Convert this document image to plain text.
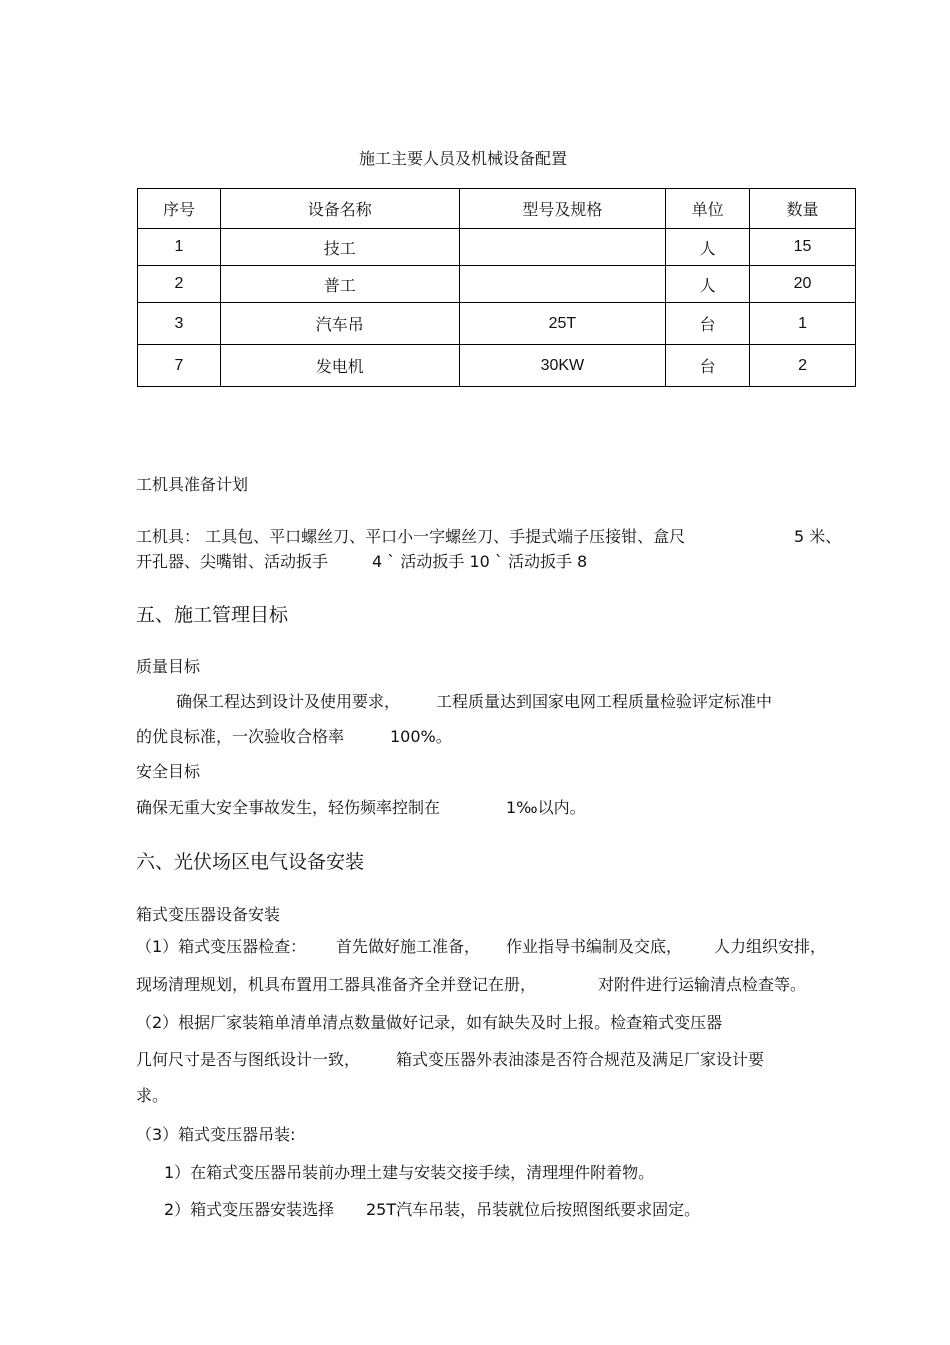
施工主要人员及机械设备配置
序号	设备名称	型号及规格	单位	数量
1	技工		人	15
2	普工		人	20
3	汽车吊	25T	台	1
7	发电机	30KW	台	2
工机具准备计划
工机具： 工具包、平口螺丝刀、平口小一字螺丝刀、手提式端子压接钳、盒尺	5 米、
开孔器、尖嘴钳、活动扳手	4 ` 活动扳手 10 ` 活动扳手 8
五、施工管理目标
质量目标
确保工程达到设计及使用要求， 工程质量达到国家电网工程质量检验评定标准中
的优良标准，一次验收合格率	100%。
安全目标
确保无重大安全事故发生，轻伤频率控制在	1‰以内。
六、光伏场区电气设备安装
箱式变压器设备安装
（1）箱式变压器检查： 首先做好施工准备， 作业指导书编制及交底， 人力组织安排，
现场清理规划，机具布置用工器具准备齐全并登记在册，	对附件进行运输清点检查等。
（2）根据厂家装箱单清单清点数量做好记录，如有缺失及时上报。检查箱式变压器
几何尺寸是否与图纸设计一致， 箱式变压器外表油漆是否符合规范及满足厂家设计要
求。
（3）箱式变压器吊装:
1）在箱式变压器吊装前办理土建与安装交接手续，清理埋件附着物。
2）箱式变压器安装选择 25T汽车吊装，吊装就位后按照图纸要求固定。
